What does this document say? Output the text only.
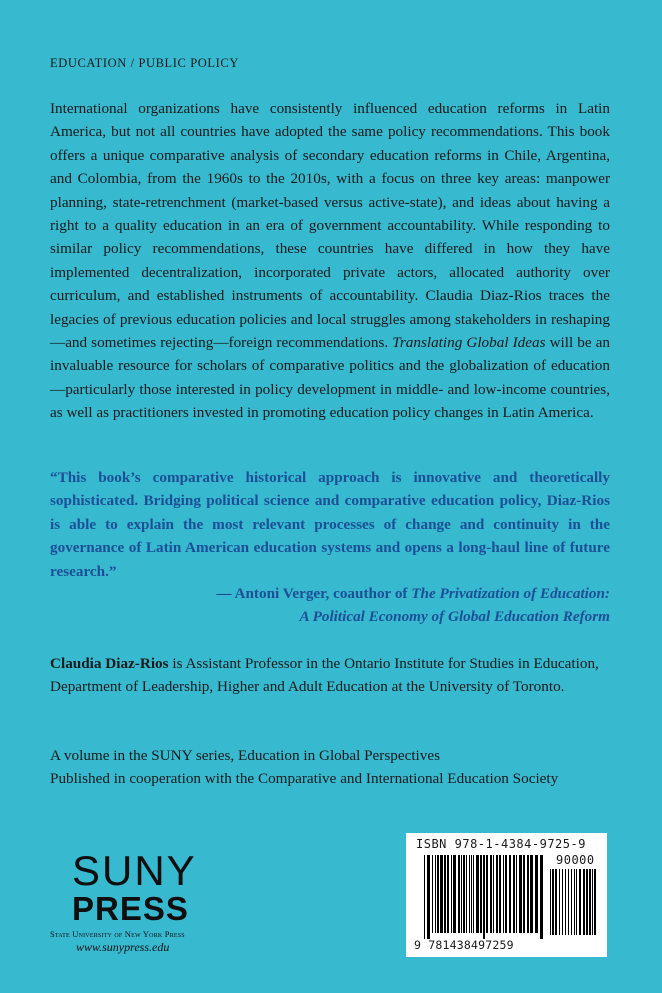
EDUCATION / PUBLIC POLICY

International organizations have consistently influenced education reforms in Latin America, but not all countries have adopted the same policy recommendations. This book offers a unique comparative analysis of secondary education reforms in Chile, Argentina, and Colombia, from the 1960s to the 2010s, with a focus on three key areas: manpower planning, state-retrenchment (market-based versus active-state), and ideas about having a right to a quality education in an era of government accountability. While responding to similar policy recommendations, these countries have differed in how they have implemented decentralization, incorporated private actors, allocated authority over curriculum, and established instruments of accountability. Claudia Diaz-Rios traces the legacies of previous education policies and local struggles among stakeholders in reshaping—and sometimes rejecting—foreign recommendations. Translating Global Ideas will be an invaluable resource for scholars of comparative politics and the globalization of education—particularly those interested in policy development in middle- and low-income countries, as well as practitioners invested in promoting education policy changes in Latin America.

“This book’s comparative historical approach is innovative and theoretically sophisticated. Bridging political science and comparative education policy, Diaz-Rios is able to explain the most relevant processes of change and continuity in the governance of Latin American education systems and opens a long-haul line of future research.”

— Antoni Verger, coauthor of The Privatization of Education:
A Political Economy of Global Education Reform

Claudia Diaz-Rios is Assistant Professor in the Ontario Institute for Studies in Education, Department of Leadership, Higher and Adult Education at the University of Toronto.

A volume in the SUNY series, Education in Global Perspectives
Published in cooperation with the Comparative and International Education Society
SUNY
PRESS
State University of New York Press
www.sunypress.edu
ISBN 978-1-4384-9725-9
90000
9 781438497259
